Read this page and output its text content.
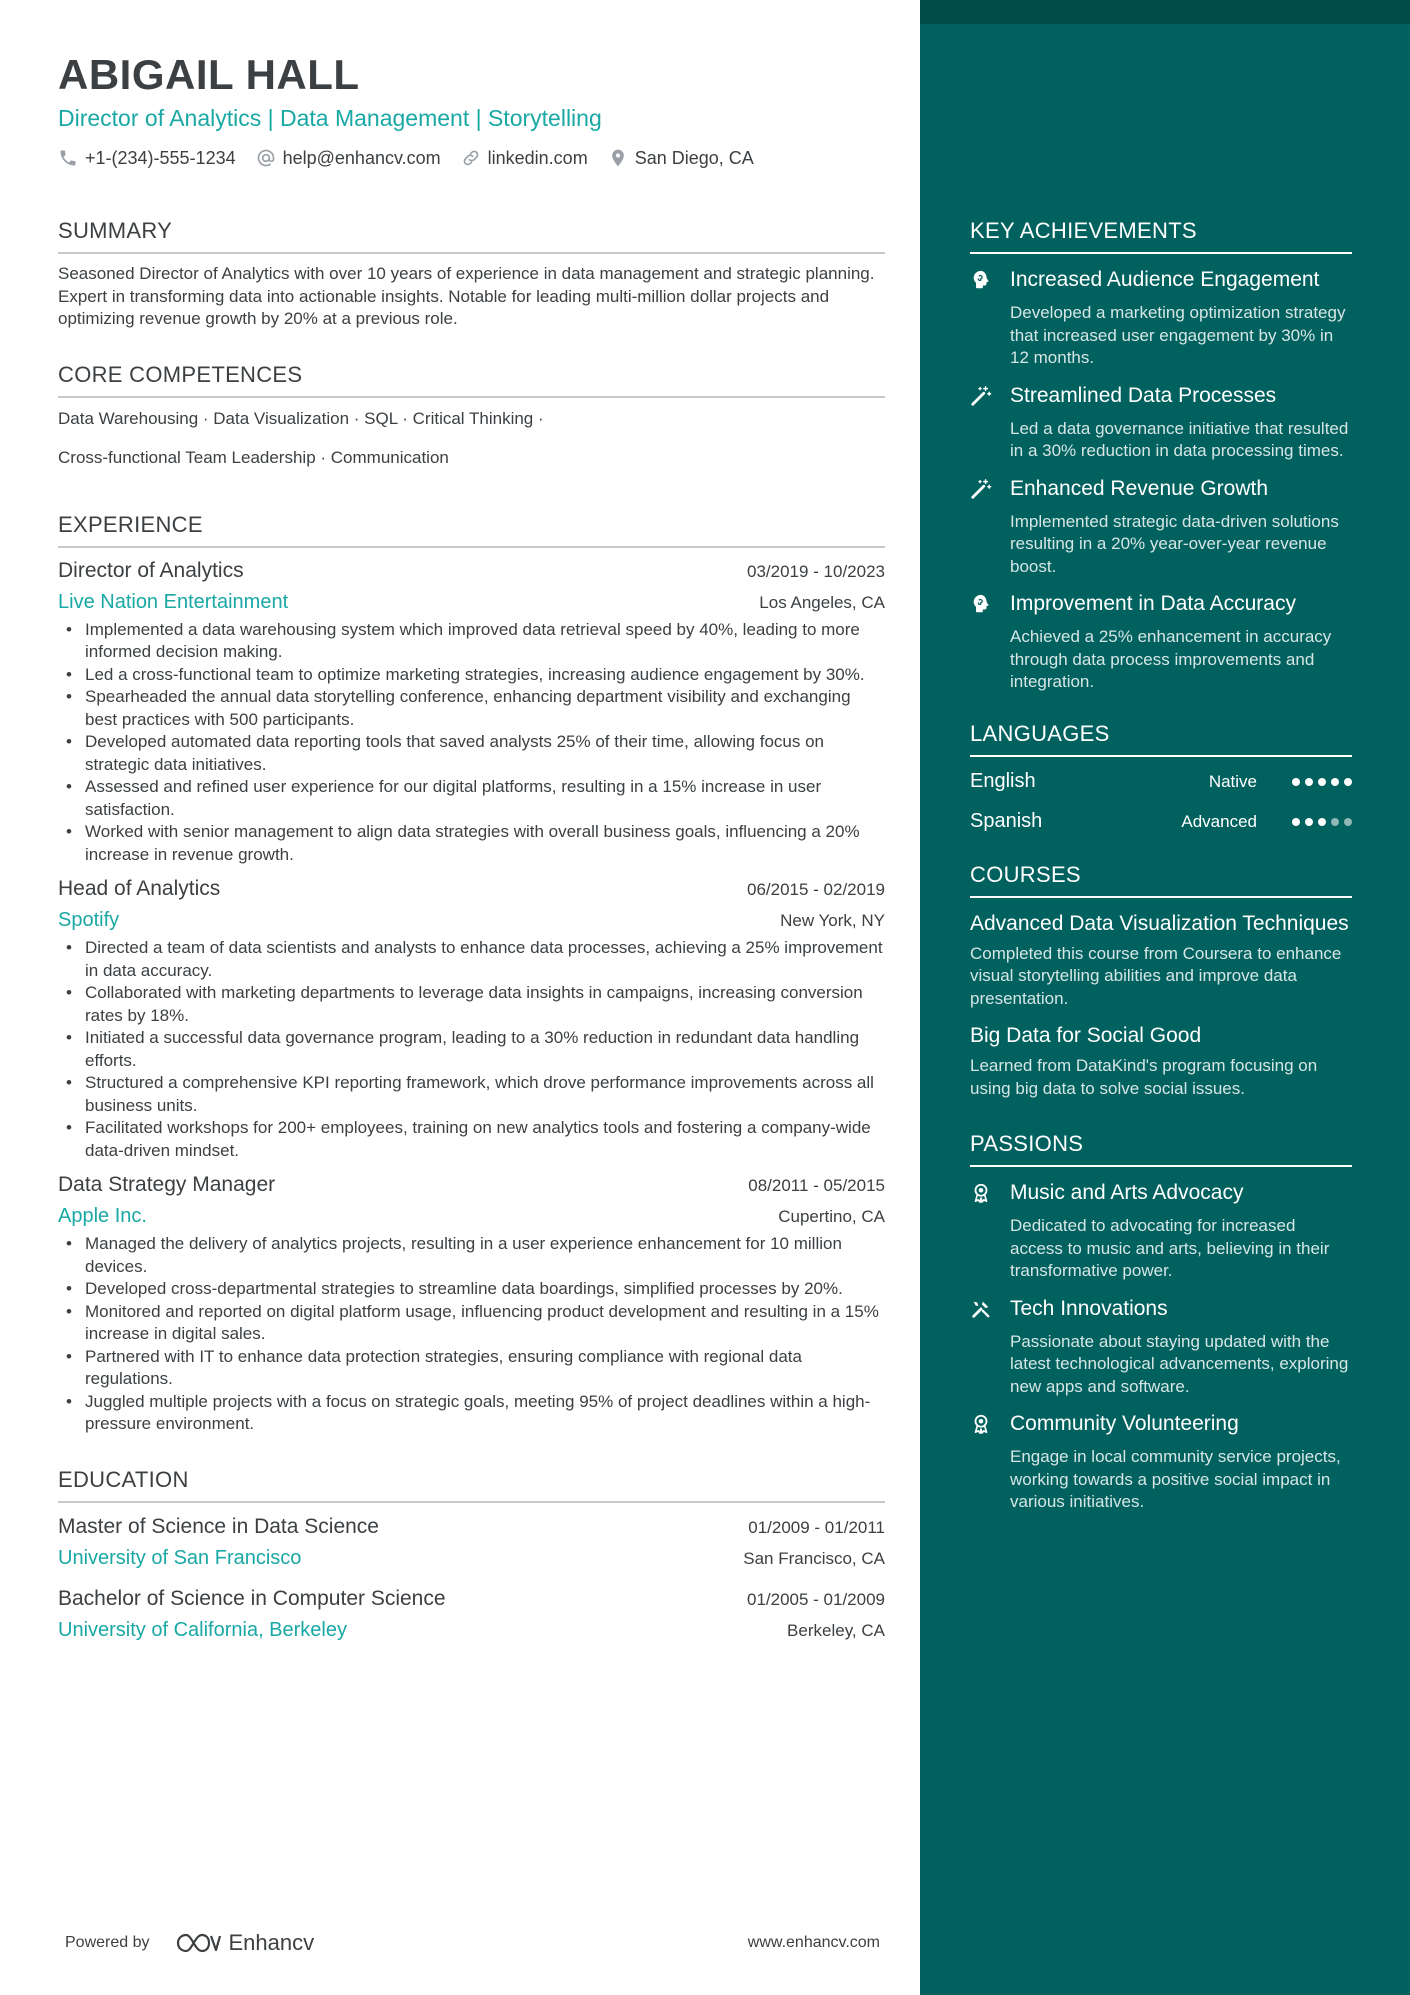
ABIGAIL HALL
Director of Analytics | Data Management | Storytelling
+1-(234)-555-1234	help@enhancv.com	linkedin.com	San Diego, CA
SUMMARY
Seasoned Director of Analytics with over 10 years of experience in data management and strategic planning. Expert in transforming data into actionable insights. Notable for leading multi-million dollar projects and optimizing revenue growth by 20% at a previous role.
CORE COMPETENCES
Data Warehousing · Data Visualization · SQL · Critical Thinking ·
Cross-functional Team Leadership · Communication
EXPERIENCE
Director of Analytics	03/2019 - 10/2023
Live Nation Entertainment	Los Angeles, CA
• Implemented a data warehousing system which improved data retrieval speed by 40%, leading to more informed decision making.
• Led a cross-functional team to optimize marketing strategies, increasing audience engagement by 30%.
• Spearheaded the annual data storytelling conference, enhancing department visibility and exchanging best practices with 500 participants.
• Developed automated data reporting tools that saved analysts 25% of their time, allowing focus on strategic data initiatives.
• Assessed and refined user experience for our digital platforms, resulting in a 15% increase in user satisfaction.
• Worked with senior management to align data strategies with overall business goals, influencing a 20% increase in revenue growth.
Head of Analytics	06/2015 - 02/2019
Spotify	New York, NY
• Directed a team of data scientists and analysts to enhance data processes, achieving a 25% improvement in data accuracy.
• Collaborated with marketing departments to leverage data insights in campaigns, increasing conversion rates by 18%.
• Initiated a successful data governance program, leading to a 30% reduction in redundant data handling efforts.
• Structured a comprehensive KPI reporting framework, which drove performance improvements across all business units.
• Facilitated workshops for 200+ employees, training on new analytics tools and fostering a company-wide data-driven mindset.
Data Strategy Manager	08/2011 - 05/2015
Apple Inc.	Cupertino, CA
• Managed the delivery of analytics projects, resulting in a user experience enhancement for 10 million devices.
• Developed cross-departmental strategies to streamline data boardings, simplified processes by 20%.
• Monitored and reported on digital platform usage, influencing product development and resulting in a 15% increase in digital sales.
• Partnered with IT to enhance data protection strategies, ensuring compliance with regional data regulations.
• Juggled multiple projects with a focus on strategic goals, meeting 95% of project deadlines within a high-pressure environment.
EDUCATION
Master of Science in Data Science	01/2009 - 01/2011
University of San Francisco	San Francisco, CA
Bachelor of Science in Computer Science	01/2005 - 01/2009
University of California, Berkeley	Berkeley, CA
Powered by	Enhancv	www.enhancv.com
KEY ACHIEVEMENTS
Increased Audience Engagement
Developed a marketing optimization strategy that increased user engagement by 30% in 12 months.
Streamlined Data Processes
Led a data governance initiative that resulted in a 30% reduction in data processing times.
Enhanced Revenue Growth
Implemented strategic data-driven solutions resulting in a 20% year-over-year revenue boost.
Improvement in Data Accuracy
Achieved a 25% enhancement in accuracy through data process improvements and integration.
LANGUAGES
English	Native
Spanish	Advanced
COURSES
Advanced Data Visualization Techniques
Completed this course from Coursera to enhance visual storytelling abilities and improve data presentation.
Big Data for Social Good
Learned from DataKind's program focusing on using big data to solve social issues.
PASSIONS
Music and Arts Advocacy
Dedicated to advocating for increased access to music and arts, believing in their transformative power.
Tech Innovations
Passionate about staying updated with the latest technological advancements, exploring new apps and software.
Community Volunteering
Engage in local community service projects, working towards a positive social impact in various initiatives.
